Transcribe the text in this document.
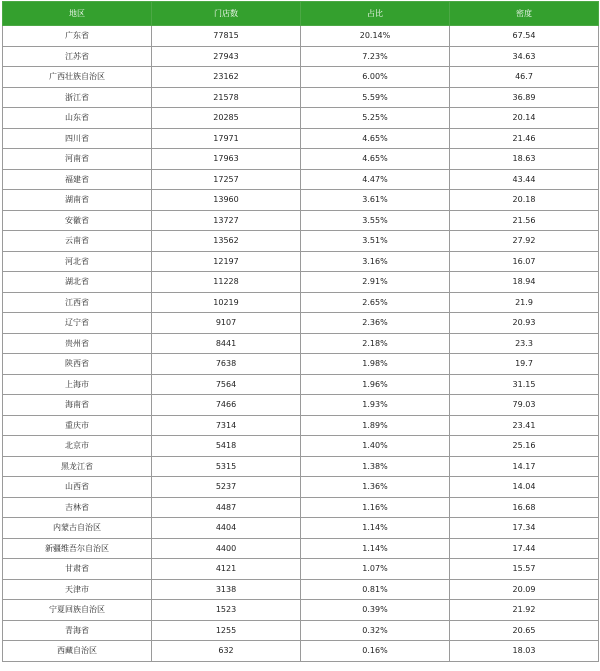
地区	门店数	占比	密度
广东省	77815	20.14%	67.54
江苏省	27943	7.23%	34.63
广西壮族自治区	23162	6.00%	46.7
浙江省	21578	5.59%	36.89
山东省	20285	5.25%	20.14
四川省	17971	4.65%	21.46
河南省	17963	4.65%	18.63
福建省	17257	4.47%	43.44
湖南省	13960	3.61%	20.18
安徽省	13727	3.55%	21.56
云南省	13562	3.51%	27.92
河北省	12197	3.16%	16.07
湖北省	11228	2.91%	18.94
江西省	10219	2.65%	21.9
辽宁省	9107	2.36%	20.93
贵州省	8441	2.18%	23.3
陕西省	7638	1.98%	19.7
上海市	7564	1.96%	31.15
海南省	7466	1.93%	79.03
重庆市	7314	1.89%	23.41
北京市	5418	1.40%	25.16
黑龙江省	5315	1.38%	14.17
山西省	5237	1.36%	14.04
吉林省	4487	1.16%	16.68
内蒙古自治区	4404	1.14%	17.34
新疆维吾尔自治区	4400	1.14%	17.44
甘肃省	4121	1.07%	15.57
天津市	3138	0.81%	20.09
宁夏回族自治区	1523	0.39%	21.92
青海省	1255	0.32%	20.65
西藏自治区	632	0.16%	18.03
